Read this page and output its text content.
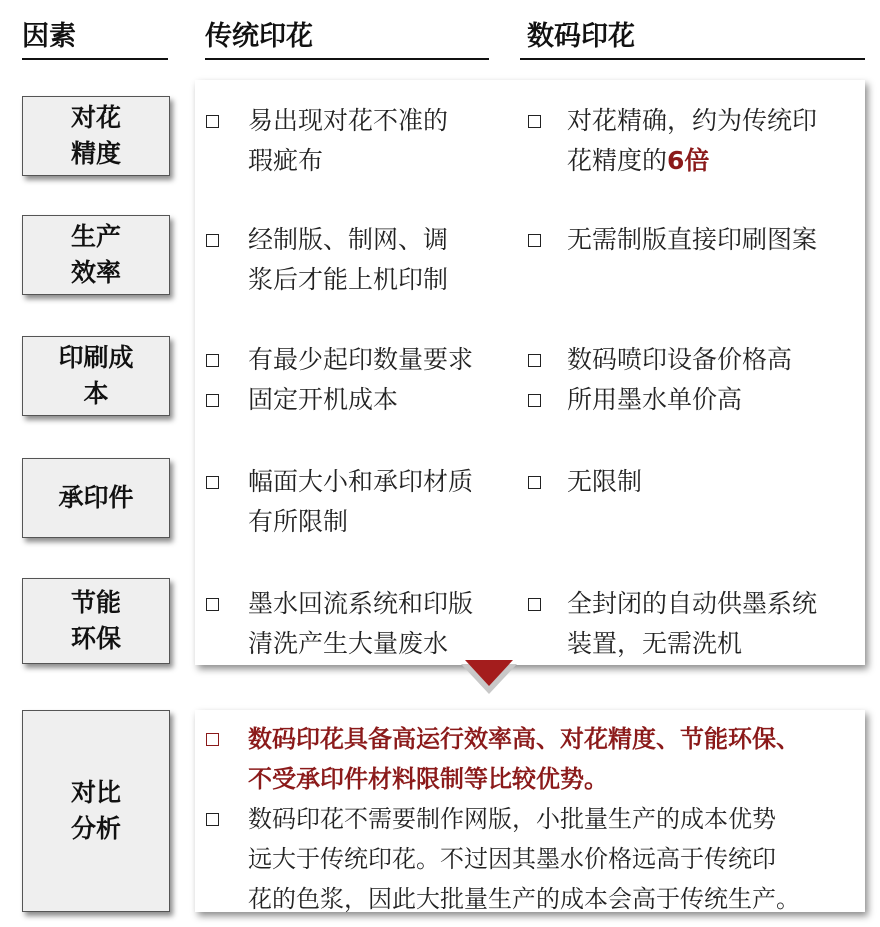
因素	传统印花	数码印花
对花
精度
易出现对花不准的
瑕疵布
对花精确，约为传统印
花精度的6倍
生产
效率
经制版、制网、调
浆后才能上机印制
无需制版直接印刷图案
印刷成
本
有最少起印数量要求
固定开机成本
数码喷印设备价格高
所用墨水单价高
承印件
幅面大小和承印材质
有所限制
无限制
节能
环保
墨水回流系统和印版
清洗产生大量废水
全封闭的自动供墨系统
装置，无需洗机
对比
分析
数码印花具备高运行效率高、对花精度、节能环保、
不受承印件材料限制等比较优势。
数码印花不需要制作网版，小批量生产的成本优势
远大于传统印花。不过因其墨水价格远高于传统印
花的色浆，因此大批量生产的成本会高于传统生产。
